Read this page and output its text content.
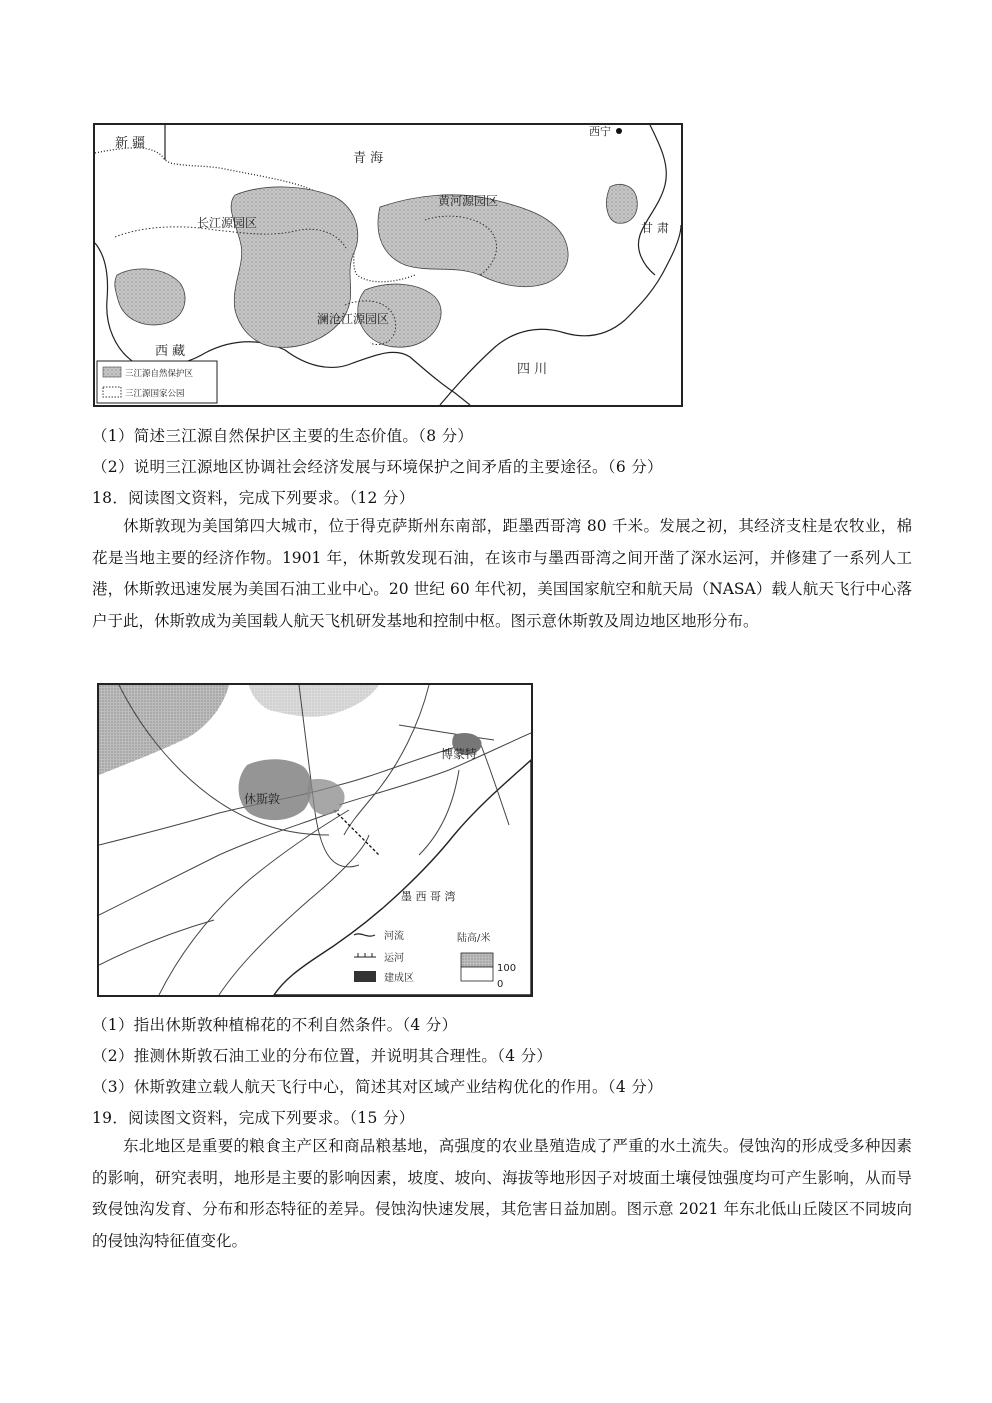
新 疆
青 海
西宁
黄河源园区
长江源园区	甘 肃
澜沧江源园区
西 藏
四 川
三江源自然保护区
三江源国家公园
（1）简述三江源自然保护区主要的生态价值。（8 分）
（2）说明三江源地区协调社会经济发展与环境保护之间矛盾的主要途径。（6 分）
18．阅读图文资料，完成下列要求。（12 分）

休斯敦现为美国第四大城市，位于得克萨斯州东南部，距墨西哥湾 80 千米。发展之初，其经济支柱是农牧业，棉花是当地主要的经济作物。1901 年，休斯敦发现石油，在该市与墨西哥湾之间开凿了深水运河，并修建了一系列人工港，休斯敦迅速发展为美国石油工业中心。20 世纪 60 年代初，美国国家航空和航天局（NASA）载人航天飞行中心落户于此，休斯敦成为美国载人航天飞机研发基地和控制中枢。图示意休斯敦及周边地区地形分布。

博蒙特
休斯敦
墨 西 哥 湾
河流
运河
建成区
陆高/米
100
0
（1）指出休斯敦种植棉花的不利自然条件。（4 分）
（2）推测休斯敦石油工业的分布位置，并说明其合理性。（4 分）
（3）休斯敦建立载人航天飞行中心，简述其对区域产业结构优化的作用。（4 分）
19．阅读图文资料，完成下列要求。（15 分）

东北地区是重要的粮食主产区和商品粮基地，高强度的农业垦殖造成了严重的水土流失。侵蚀沟的形成受多种因素的影响，研究表明，地形是主要的影响因素，坡度、坡向、海拔等地形因子对坡面土壤侵蚀强度均可产生影响，从而导致侵蚀沟发育、分布和形态特征的差异。侵蚀沟快速发展，其危害日益加剧。图示意 2021 年东北低山丘陵区不同坡向的侵蚀沟特征值变化。
